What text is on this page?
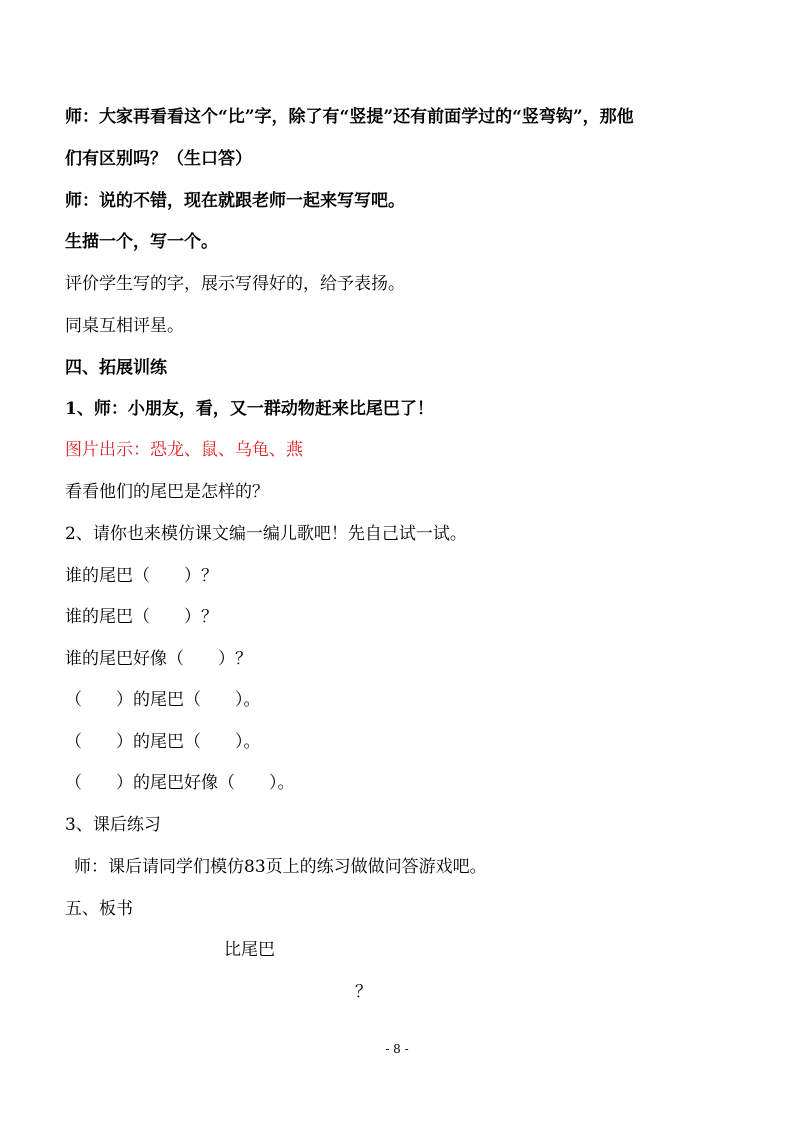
师：大家再看看这个“比”字，除了有“竖提”还有前面学过的“竖弯钩”，那他
们有区别吗？（生口答）
师：说的不错，现在就跟老师一起来写写吧。
生描一个，写一个。
评价学生写的字，展示写得好的，给予表扬。
同桌互相评星。
四、拓展训练
1、师：小朋友，看，又一群动物赶来比尾巴了！
图片出示：恐龙、鼠、乌龟、燕
看看他们的尾巴是怎样的？
2、请你也来模仿课文编一编儿歌吧！先自己试一试。
谁的尾巴（　　）？
谁的尾巴（　　）？
谁的尾巴好像（　　）？
（　　）的尾巴（　　）。
（　　）的尾巴（　　）。
（　　）的尾巴好像（　　）。
3、课后练习
师：课后请同学们模仿83页上的练习做做问答游戏吧。
五、板书
比尾巴
？
- 8 -
